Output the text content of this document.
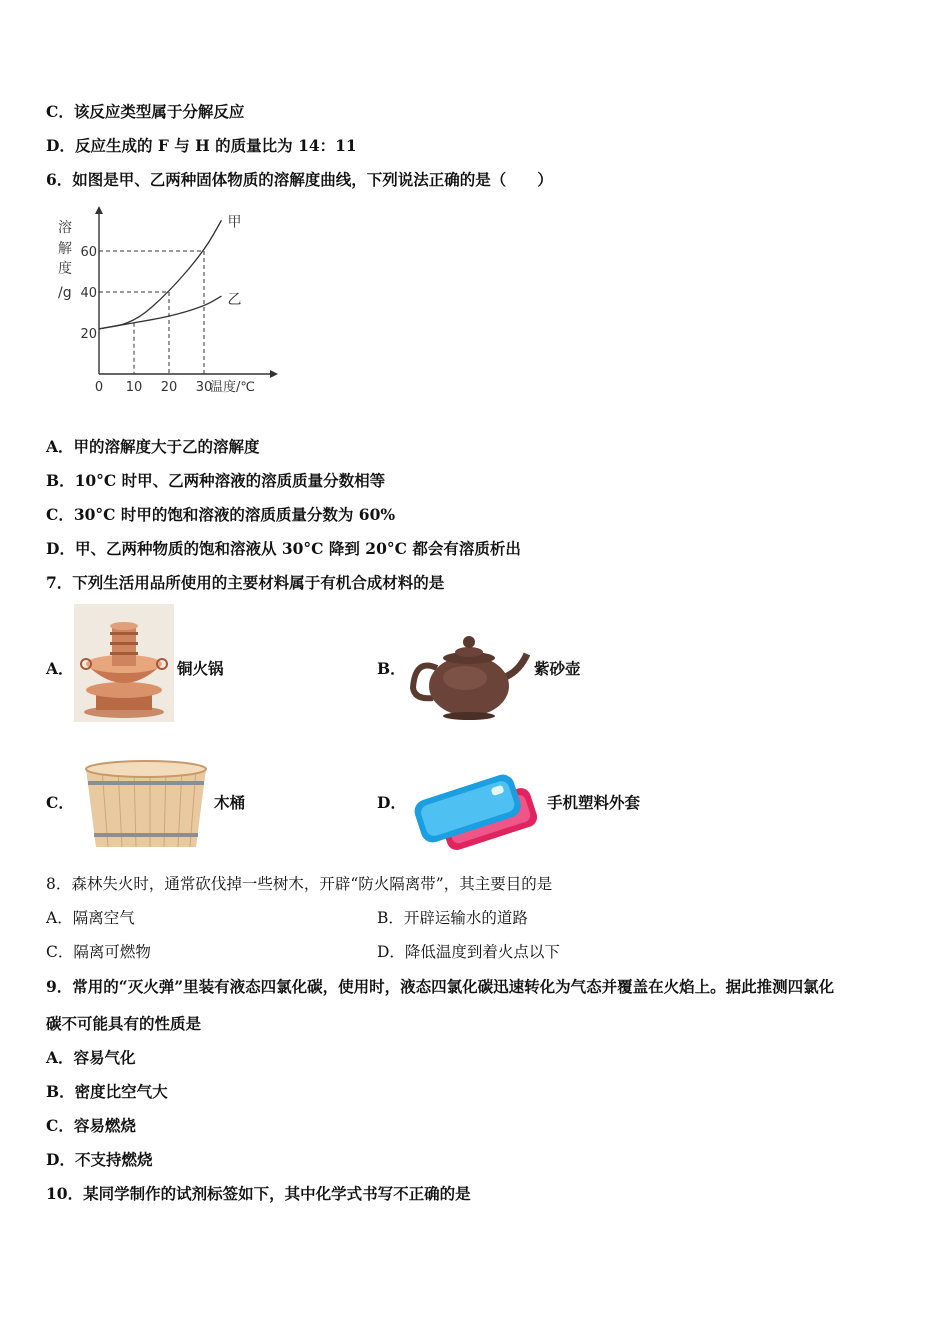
C．该反应类型属于分解反应
D．反应生成的 F 与 H 的质量比为 14：11
6．如图是甲、乙两种固体物质的溶解度曲线，下列说法正确的是（　　）
甲
乙
0 10 20 30
温度/℃
20
40
60
溶
解
度
/g
A．甲的溶解度大于乙的溶解度
B．10°C 时甲、乙两种溶液的溶质质量分数相等
C．30°C 时甲的饱和溶液的溶质质量分数为 60%
D．甲、乙两种物质的饱和溶液从 30°C 降到 20°C 都会有溶质析出
7．下列生活用品所使用的主要材料属于有机合成材料的是
A．	铜火锅	B．	紫砂壶
C．	木桶	D．	手机塑料外套
8．森林失火时，通常砍伐掉一些树木，开辟“防火隔离带”，其主要目的是
A．隔离空气	B．开辟运输水的道路
C．隔离可燃物	D．降低温度到着火点以下
9．常用的“灭火弹”里装有液态四氯化碳，使用时，液态四氯化碳迅速转化为气态并覆盖在火焰上。据此推测四氯化
碳不可能具有的性质是
A．容易气化
B．密度比空气大
C．容易燃烧
D．不支持燃烧
10．某同学制作的试剂标签如下，其中化学式书写不正确的是
